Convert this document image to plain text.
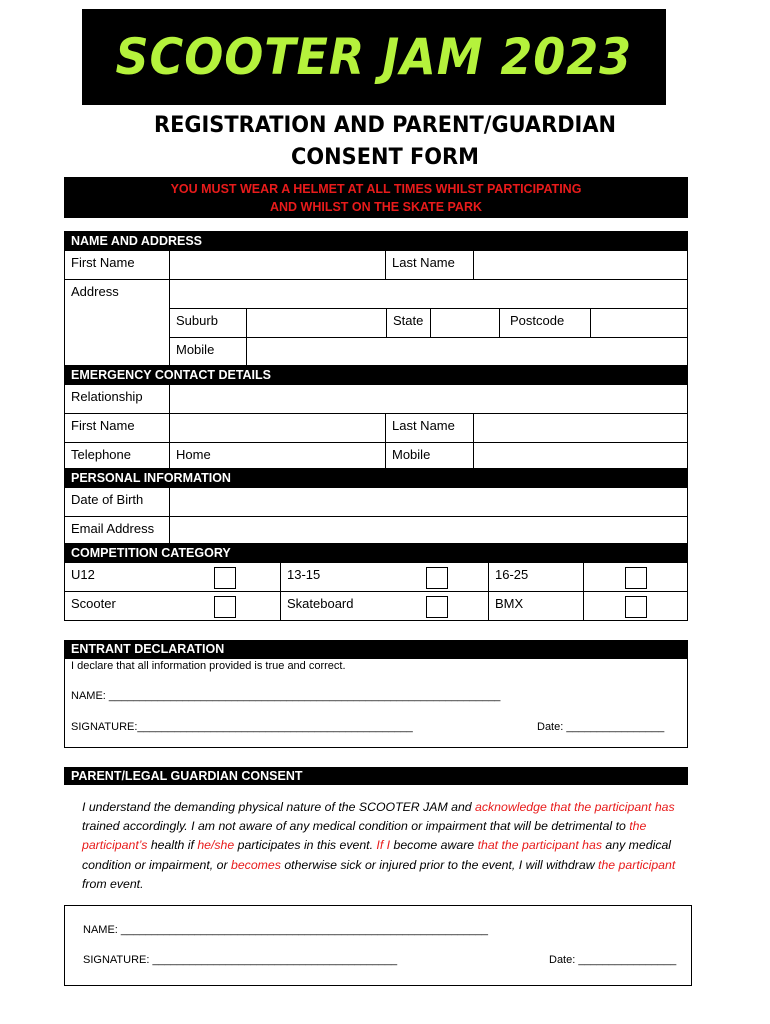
SCOOTER JAM 2023
REGISTRATION AND PARENT/GUARDIAN
CONSENT FORM
YOU MUST WEAR A HELMET AT ALL TIMES WHILST PARTICIPATING
AND WHILST ON THE SKATE PARK
NAME AND ADDRESS
First Name	Last Name
Address
Suburb	State	Postcode
Mobile
EMERGENCY CONTACT DETAILS
Relationship
First Name	Last Name
Telephone	Home	Mobile
PERSONAL INFORMATION
Date of Birth
Email Address
COMPETITION CATEGORY
U12	13-15	16-25
Scooter	Skateboard	BMX
ENTRANT DECLARATION
I declare that all information provided is true and correct.
NAME: ________________________________________________________________
SIGNATURE:_____________________________________________	Date: ________________
PARENT/LEGAL GUARDIAN CONSENT
I understand the demanding physical nature of the SCOOTER JAM and acknowledge that the participant has trained accordingly. I am not aware of any medical condition or impairment that will be detrimental to the participant’s health if he/she participates in this event. If I become aware that the participant has any medical condition or impairment, or becomes otherwise sick or injured prior to the event, I will withdraw the participant from event.
NAME: ____________________________________________________________
SIGNATURE: ________________________________________	Date: ________________
